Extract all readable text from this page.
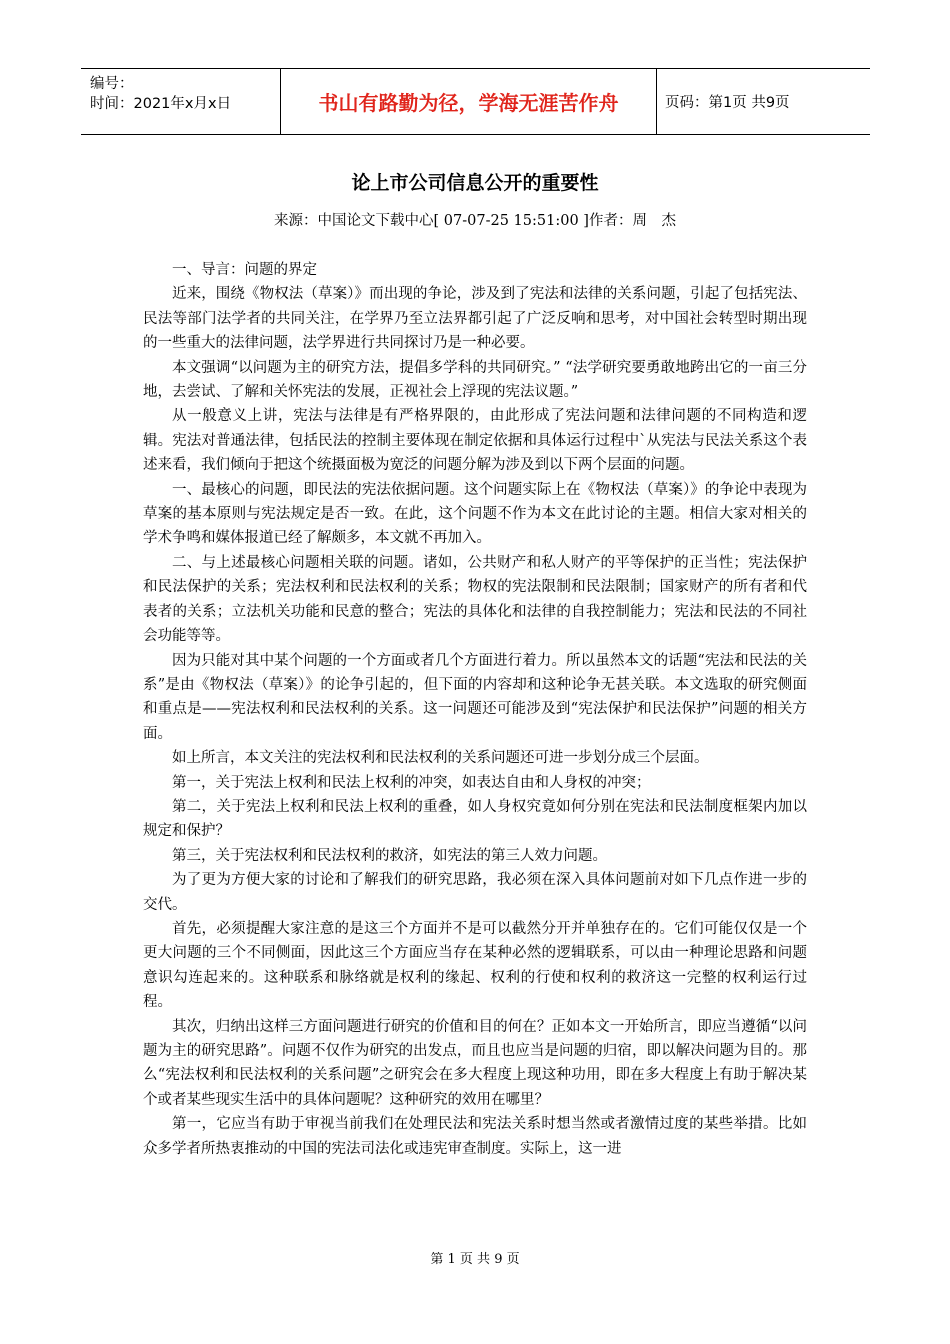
编号：
时间：2021年x月x日	书山有路勤为径，学海无涯苦作舟	页码：第1页 共9页
论上市公司信息公开的重要性
来源：中国论文下载中心[ 07-07-25 15:51:00 ]作者：周　杰

一、导言：问题的界定

近来，围绕《物权法（草案）》而出现的争论，涉及到了宪法和法律的关系问题，引起了包括宪法、民法等部门法学者的共同关注，在学界乃至立法界都引起了广泛反响和思考，对中国社会转型时期出现的一些重大的法律问题，法学界进行共同探讨乃是一种必要。

本文强调“以问题为主的研究方法，提倡多学科的共同研究。” “法学研究要勇敢地跨出它的一亩三分地，去尝试、了解和关怀宪法的发展，正视社会上浮现的宪法议题。”

从一般意义上讲，宪法与法律是有严格界限的，由此形成了宪法问题和法律问题的不同构造和逻辑。宪法对普通法律，包括民法的控制主要体现在制定依据和具体运行过程中`从宪法与民法关系这个表述来看，我们倾向于把这个统摄面极为宽泛的问题分解为涉及到以下两个层面的问题。

一、最核心的问题，即民法的宪法依据问题。这个问题实际上在《物权法（草案）》的争论中表现为草案的基本原则与宪法规定是否一致。在此，这个问题不作为本文在此讨论的主题。相信大家对相关的学术争鸣和媒体报道已经了解颇多，本文就不再加入。

二、与上述最核心问题相关联的问题。诸如，公共财产和私人财产的平等保护的正当性；宪法保护和民法保护的关系；宪法权利和民法权利的关系；物权的宪法限制和民法限制；国家财产的所有者和代表者的关系；立法机关功能和民意的整合；宪法的具体化和法律的自我控制能力；宪法和民法的不同社会功能等等。

因为只能对其中某个问题的一个方面或者几个方面进行着力。所以虽然本文的话题“宪法和民法的关系”是由《物权法（草案）》的论争引起的，但下面的内容却和这种论争无甚关联。本文选取的研究侧面和重点是——宪法权利和民法权利的关系。这一问题还可能涉及到“宪法保护和民法保护”问题的相关方面。

如上所言，本文关注的宪法权利和民法权利的关系问题还可进一步划分成三个层面。

第一，关于宪法上权利和民法上权利的冲突，如表达自由和人身权的冲突；

第二，关于宪法上权利和民法上权利的重叠，如人身权究竟如何分别在宪法和民法制度框架内加以规定和保护？

第三，关于宪法权利和民法权利的救济，如宪法的第三人效力问题。

为了更为方便大家的讨论和了解我们的研究思路，我必须在深入具体问题前对如下几点作进一步的交代。

首先，必须提醒大家注意的是这三个方面并不是可以截然分开并单独存在的。它们可能仅仅是一个更大问题的三个不同侧面，因此这三个方面应当存在某种必然的逻辑联系，可以由一种理论思路和问题意识勾连起来的。这种联系和脉络就是权利的缘起、权利的行使和权利的救济这一完整的权利运行过程。

其次，归纳出这样三方面问题进行研究的价值和目的何在？正如本文一开始所言，即应当遵循“以问题为主的研究思路”。问题不仅作为研究的出发点，而且也应当是问题的归宿，即以解决问题为目的。那么“宪法权利和民法权利的关系问题”之研究会在多大程度上现这种功用，即在多大程度上有助于解决某个或者某些现实生活中的具体问题呢？这种研究的效用在哪里？

第一，它应当有助于审视当前我们在处理民法和宪法关系时想当然或者激情过度的某些举措。比如众多学者所热衷推动的中国的宪法司法化或违宪审查制度。实际上，这一进

第 1 页 共 9 页
